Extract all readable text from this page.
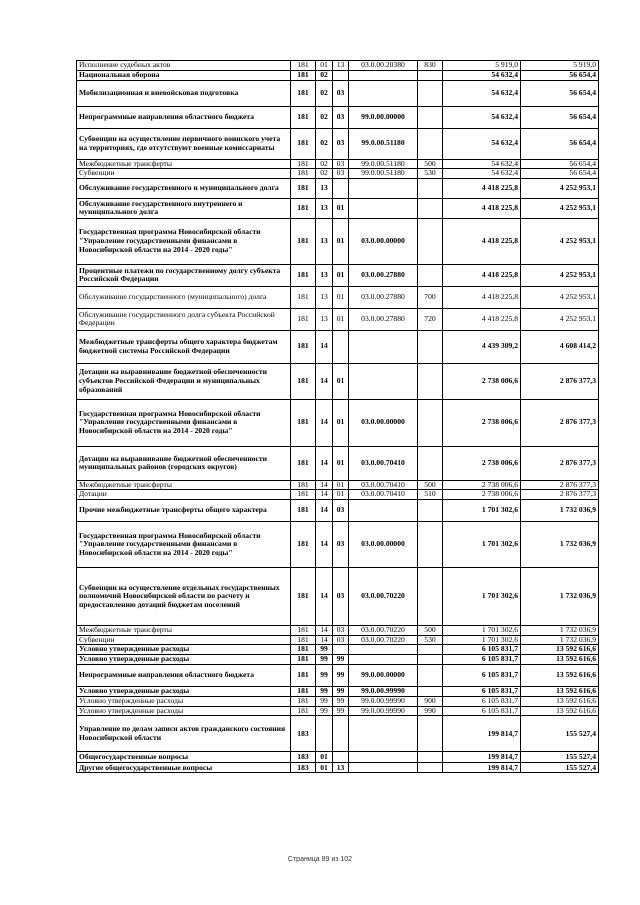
Исполнение судебных актов	181	01	13	03.0.00.20380	830	5 919,0	5 919,0
Национальная оборона	181	02				54 632,4	56 654,4
Мобилизационная и вневойсковая подготовка	181	02	03			54 632,4	56 654,4
Непрограммные направления областного бюджета	181	02	03	99.0.00.00000		54 632,4	56 654,4
Субвенции на осуществление первичного воинского учета на территориях, где отсутствуют военные комиссариаты	181	02	03	99.0.00.51180		54 632,4	56 654,4
Межбюджетные трансферты	181	02	03	99.0.00.51180	500	54 632,4	56 654,4
Субвенции	181	02	03	99.0.00.51180	530	54 632,4	56 654,4
Обслуживание государственного и муниципального долга	181	13				4 418 225,8	4 252 953,1
Обслуживание государственного внутреннего и муниципального долга	181	13	01			4 418 225,8	4 252 953,1
Государственная программа Новосибирской области "Управление государственными финансами в Новосибирской области на 2014 - 2020 годы"	181	13	01	03.0.00.00000		4 418 225,8	4 252 953,1
Процентные платежи по государственному долгу субъекта Российской Федерации	181	13	01	03.0.00.27880		4 418 225,8	4 252 953,1
Обслуживание государственного (муниципального) долга	181	13	01	03.0.00.27880	700	4 418 225,8	4 252 953,1
Обслуживание государственного долга субъекта Российской Федерации	181	13	01	03.0.00.27880	720	4 418 225,8	4 252 953,1
Межбюджетные трансферты общего характера бюджетам бюджетной системы Российской Федерации	181	14				4 439 309,2	4 608 414,2
Дотации на выравнивание бюджетной обеспеченности субъектов Российской Федерации и муниципальных образований	181	14	01			2 738 006,6	2 876 377,3
Государственная программа Новосибирской области "Управление государственными финансами в Новосибирской области на 2014 - 2020 годы"	181	14	01	03.0.00.00000		2 738 006,6	2 876 377,3
Дотации на выравнивание бюджетной обеспеченности муниципальных районов (городских округов)	181	14	01	03.0.00.70410		2 738 006,6	2 876 377,3
Межбюджетные трансферты	181	14	01	03.0.00.70410	500	2 738 006,6	2 876 377,3
Дотации	181	14	01	03.0.00.70410	510	2 738 006,6	2 876 377,3
Прочие межбюджетные трансферты общего характера	181	14	03			1 701 302,6	1 732 036,9
Государственная программа Новосибирской области "Управление государственными финансами в Новосибирской области на 2014 - 2020 годы"	181	14	03	03.0.00.00000		1 701 302,6	1 732 036,9
Субвенции на осуществление отдельных государственных полномочий Новосибирской области по расчету и предоставлению дотаций бюджетам поселений	181	14	03	03.0.00.70220		1 701 302,6	1 732 036,9
Межбюджетные трансферты	181	14	03	03.0.00.70220	500	1 701 302,6	1 732 036,9
Субвенции	181	14	03	03.0.00.70220	530	1 701 302,6	1 732 036,9
Условно утвержденные расходы	181	99				6 105 831,7	13 592 616,6
Условно утвержденные расходы	181	99	99			6 105 831,7	13 592 616,6
Непрограммные направления областного бюджета	181	99	99	99.0.00.00000		6 105 831,7	13 592 616,6
Условно утвержденные расходы	181	99	99	99.0.00.99990		6 105 831,7	13 592 616,6
Условно утвержденные расходы	181	99	99	99.0.00.99990	900	6 105 831,7	13 592 616,6
Условно утвержденные расходы	181	99	99	99.0.00.99990	990	6 105 831,7	13 592 616,6
Управление по делам записи актов гражданского состояния Новосибирской области	183					199 814,7	155 527,4
Общегосударственные вопросы	183	01				199 814,7	155 527,4
Другие общегосударственные вопросы	183	01	13			199 814,7	155 527,4
Страница 89 из 102
